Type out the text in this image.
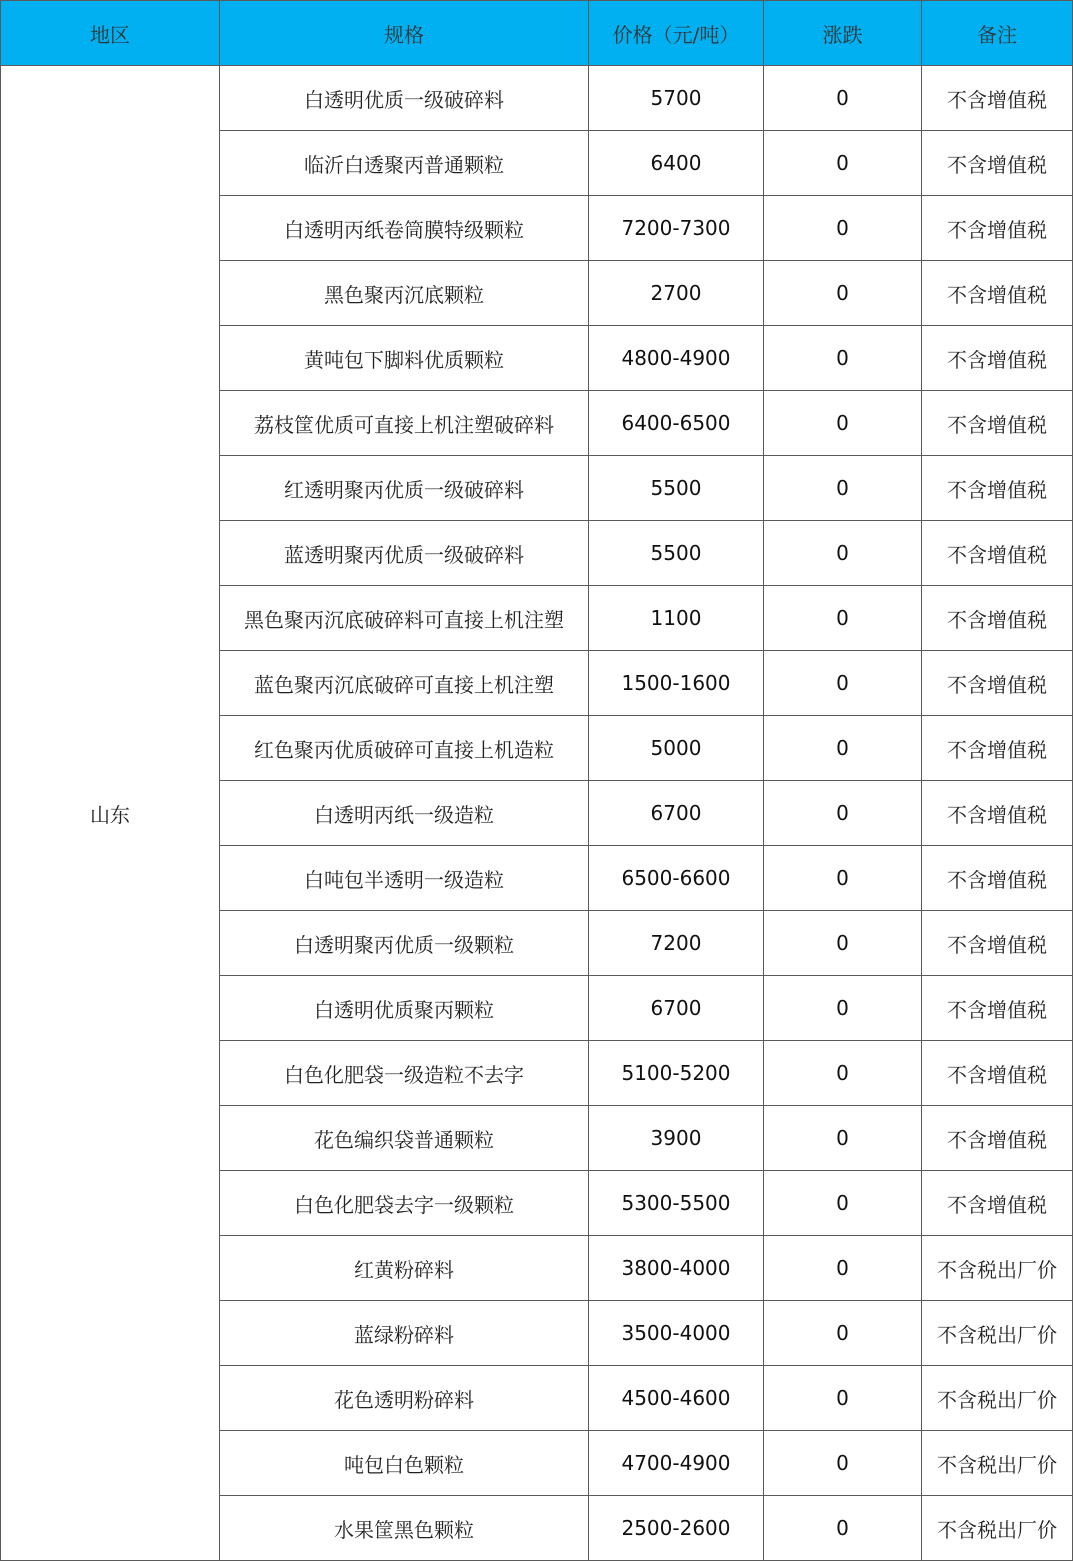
地区	规格	价格（元/吨）	涨跌	备注
山东	白透明优质一级破碎料	5700	0	不含增值税
	临沂白透聚丙普通颗粒	6400	0	不含增值税
	白透明丙纸卷筒膜特级颗粒	7200-7300	0	不含增值税
	黑色聚丙沉底颗粒	2700	0	不含增值税
	黄吨包下脚料优质颗粒	4800-4900	0	不含增值税
	荔枝筐优质可直接上机注塑破碎料	6400-6500	0	不含增值税
	红透明聚丙优质一级破碎料	5500	0	不含增值税
	蓝透明聚丙优质一级破碎料	5500	0	不含增值税
	黑色聚丙沉底破碎料可直接上机注塑	1100	0	不含增值税
	蓝色聚丙沉底破碎可直接上机注塑	1500-1600	0	不含增值税
	红色聚丙优质破碎可直接上机造粒	5000	0	不含增值税
	白透明丙纸一级造粒	6700	0	不含增值税
	白吨包半透明一级造粒	6500-6600	0	不含增值税
	白透明聚丙优质一级颗粒	7200	0	不含增值税
	白透明优质聚丙颗粒	6700	0	不含增值税
	白色化肥袋一级造粒不去字	5100-5200	0	不含增值税
	花色编织袋普通颗粒	3900	0	不含增值税
	白色化肥袋去字一级颗粒	5300-5500	0	不含增值税
	红黄粉碎料	3800-4000	0	不含税出厂价
	蓝绿粉碎料	3500-4000	0	不含税出厂价
	花色透明粉碎料	4500-4600	0	不含税出厂价
	吨包白色颗粒	4700-4900	0	不含税出厂价
	水果筐黑色颗粒	2500-2600	0	不含税出厂价
